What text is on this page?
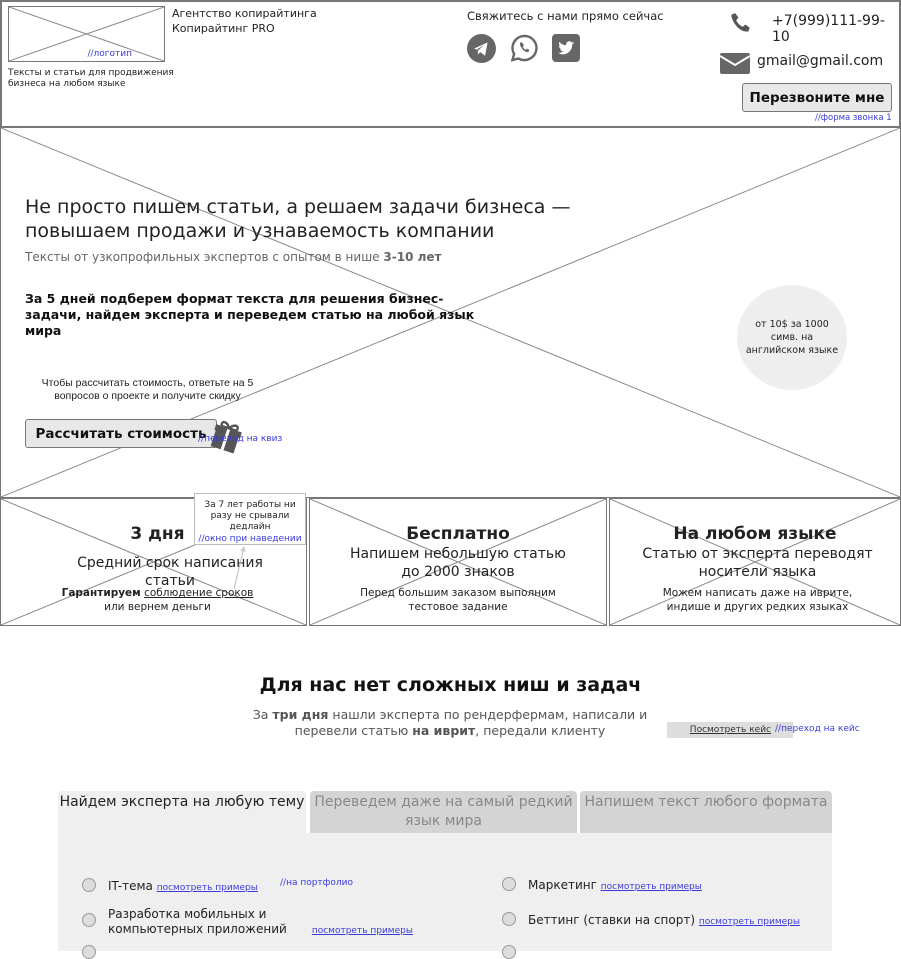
//логотип
Агентство копирайтинга
Копирайтинг PRO
Тексты и статьи для продвижения бизнеса на любом языке
Свяжитесь с нами прямо сейчас	+7(999)111-99-10
gmail@gmail.com
Перезвоните мне
//форма звонка 1
Не просто пишем статьи, а решаем задачи бизнеса — повышаем продажи и узнаваемость компании
Тексты от узкопрофильных экспертов с опытом в нише 3-10 лет
За 5 дней подберем формат текста для решения бизнес-задачи, найдем эксперта и переведем статью на любой язык мира	от 10$ за 1000 симв. на английском языке
Чтобы рассчитать стоимость, ответьте на 5 вопросов о проекте и получите скидку
Рассчитать стоимость
//переход на квиз
3 дня
Средний срок написания статьи
Гарантируем соблюдение сроков
или вернем деньги
Бесплатно
Напишем небольшую статью до 2000 знаков
Перед большим заказом выполним тестовое задание
На любом языке
Статью от эксперта переводят носители языка
Можем написать даже на иврите, индише и других редких языках
За 7 лет работы ни разу не срывали дедлайн
//окно при наведении
Для нас нет сложных ниш и задач
За три дня нашли эксперта по рендерфермам, написали и перевели статью на иврит, передали клиенту	Посмотреть кейс //переход на кейс
Найдем эксперта на любую тему Переведем даже на самый редкий язык мира
Напишем текст любого формата
IT-тема посмотреть примеры //на портфолио
Разработка мобильных и компьютерных приложений	посмотреть примеры
Маркетинг посмотреть примеры
Беттинг (ставки на спорт) посмотреть примеры
